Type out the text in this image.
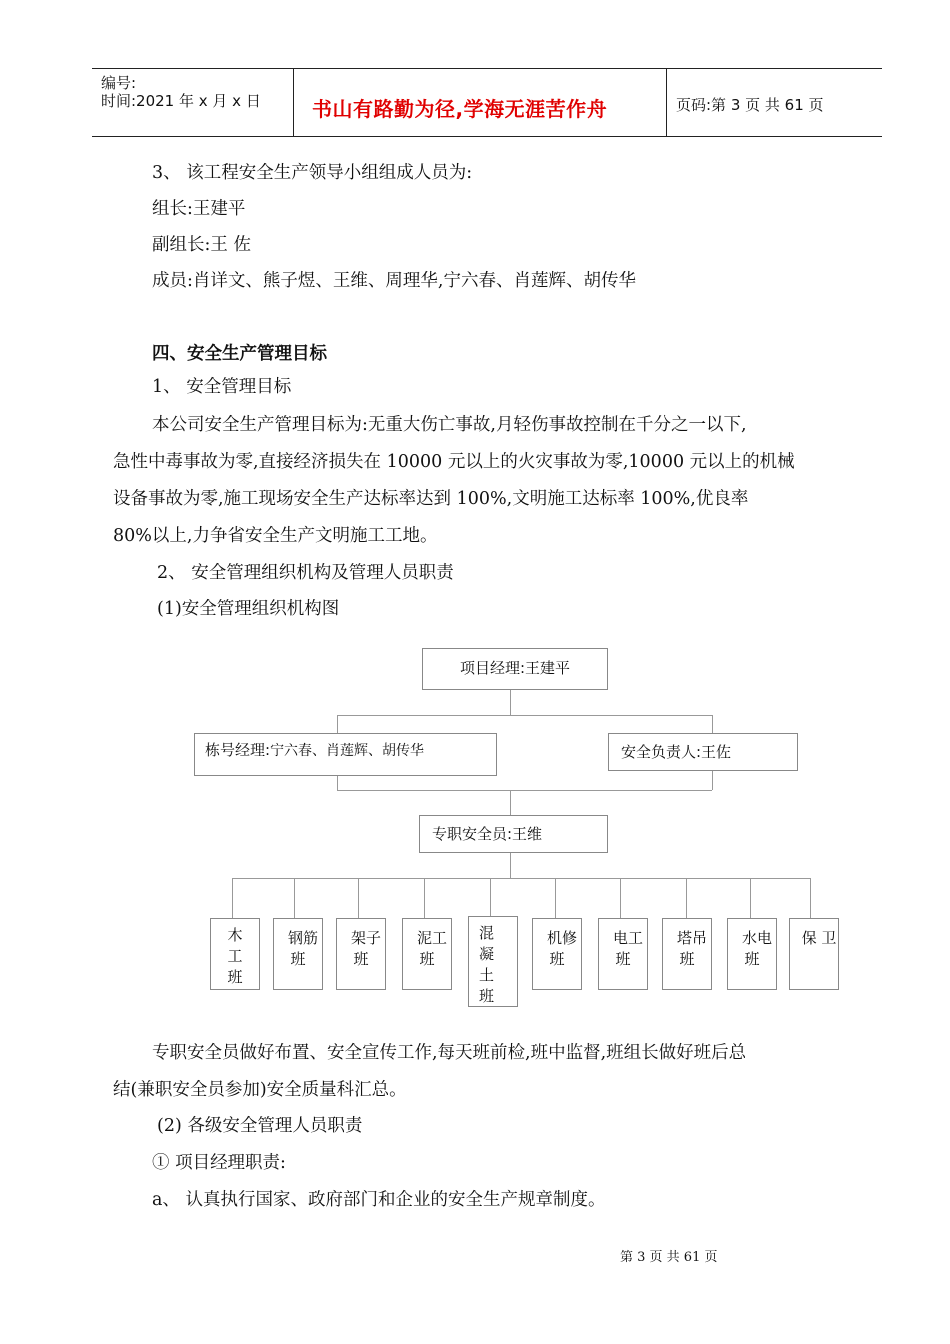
编号:
时间:2021 年 x 月 x 日	书山有路勤为径,学海无涯苦作舟	页码:第 3 页 共 61 页
3、 该工程安全生产领导小组组成人员为:
组长:王建平
副组长:王 佐
成员:肖详文、熊子煜、王维、周理华,宁六春、肖莲辉、胡传华
四、安全生产管理目标
1、 安全管理目标
本公司安全生产管理目标为:无重大伤亡事故,月轻伤事故控制在千分之一以下,
急性中毒事故为零,直接经济损失在 10000 元以上的火灾事故为零,10000 元以上的机械
设备事故为零,施工现场安全生产达标率达到 100%,文明施工达标率 100%,优良率
80%以上,力争省安全生产文明施工工地。
2、 安全管理组织机构及管理人员职责
(1)安全管理组织机构图
项目经理:王建平
栋号经理:宁六春、肖莲辉、胡传华	安全负责人:王佐
专职安全员:王维
木工班
钢筋班
架子班
泥工班
混凝土班
机修班
电工班
塔吊班
水电班
保 卫
专职安全员做好布置、安全宣传工作,每天班前检,班中监督,班组长做好班后总
结(兼职安全员参加)安全质量科汇总。
(2) 各级安全管理人员职责
① 项目经理职责:
a、 认真执行国家、政府部门和企业的安全生产规章制度。
第 3 页 共 61 页
